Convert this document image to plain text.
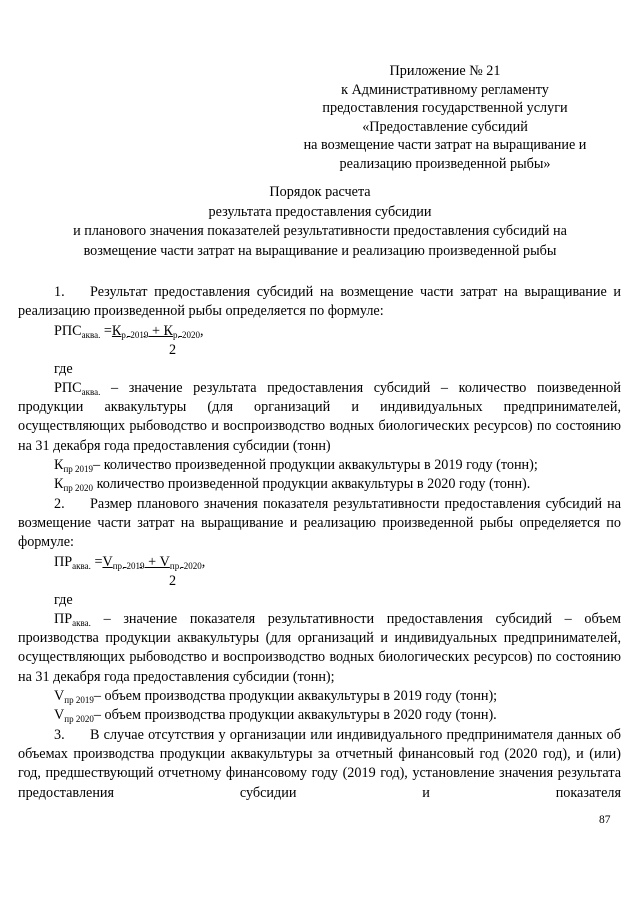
Приложение № 21
к Административному регламенту
предоставления государственной услуги
«Предоставление субсидий
на возмещение части затрат на выращивание и
реализацию произведенной рыбы»
Порядок расчета
результата предоставления субсидии
и планового значения показателей результативности предоставления субсидий на
возмещение части затрат на выращивание и реализацию произведенной рыбы
1. Результат предоставления субсидий на возмещение части затрат на выращивание и реализацию произведенной рыбы определяется по формуле:
$РПС_{аква.} =К_{р. 2019} + К_{р. 2020}$,
2
где
$РПС_{аква.}$ – значение результата предоставления субсидий – количество поизведенной продукции аквакультуры (для организаций и индивидуальных предпринимателей, осуществляющих рыбоводство и воспроизводство водных биологических ресурсов) по состоянию на 31 декабря года предоставления субсидии (тонн)
$К_{пр 2019}-$ количество произведенной продукции аквакультуры в 2019 году (тонн);
$К_{пр 2020}$ количество произведенной продукции аквакультуры в 2020 году (тонн).
2. Размер планового значения показателя результативности предоставления субсидий на возмещение части затрат на выращивание и реализацию произведенной рыбы определяется по формуле:
$ПР_{аква.} =V_{пр. 2019} + V_{пр. 2020}$,
2
где
$ПР_{аква.}$ – значение показателя результативности предоставления субсидий – объем производства продукции аквакультуры (для организаций и индивидуальных предпринимателей, осуществляющих рыбоводство и воспроизводство водных биологических ресурсов) по состоянию на 31 декабря года предоставления субсидии (тонн);
$V_{пр 2019}-$ объем производства продукции аквакультуры в 2019 году (тонн);
$V_{пр 2020}-$ объем производства продукции аквакультуры в 2020 году (тонн).
3. В случае отсутствия у организации или индивидуального предпринимателя данных об объемах производства продукции аквакультуры за отчетный финансовый год (2020 год), и (или) год, предшествующий отчетному финансовому году (2019 год), установление значения результата предоставления субсидии и показателя
87
